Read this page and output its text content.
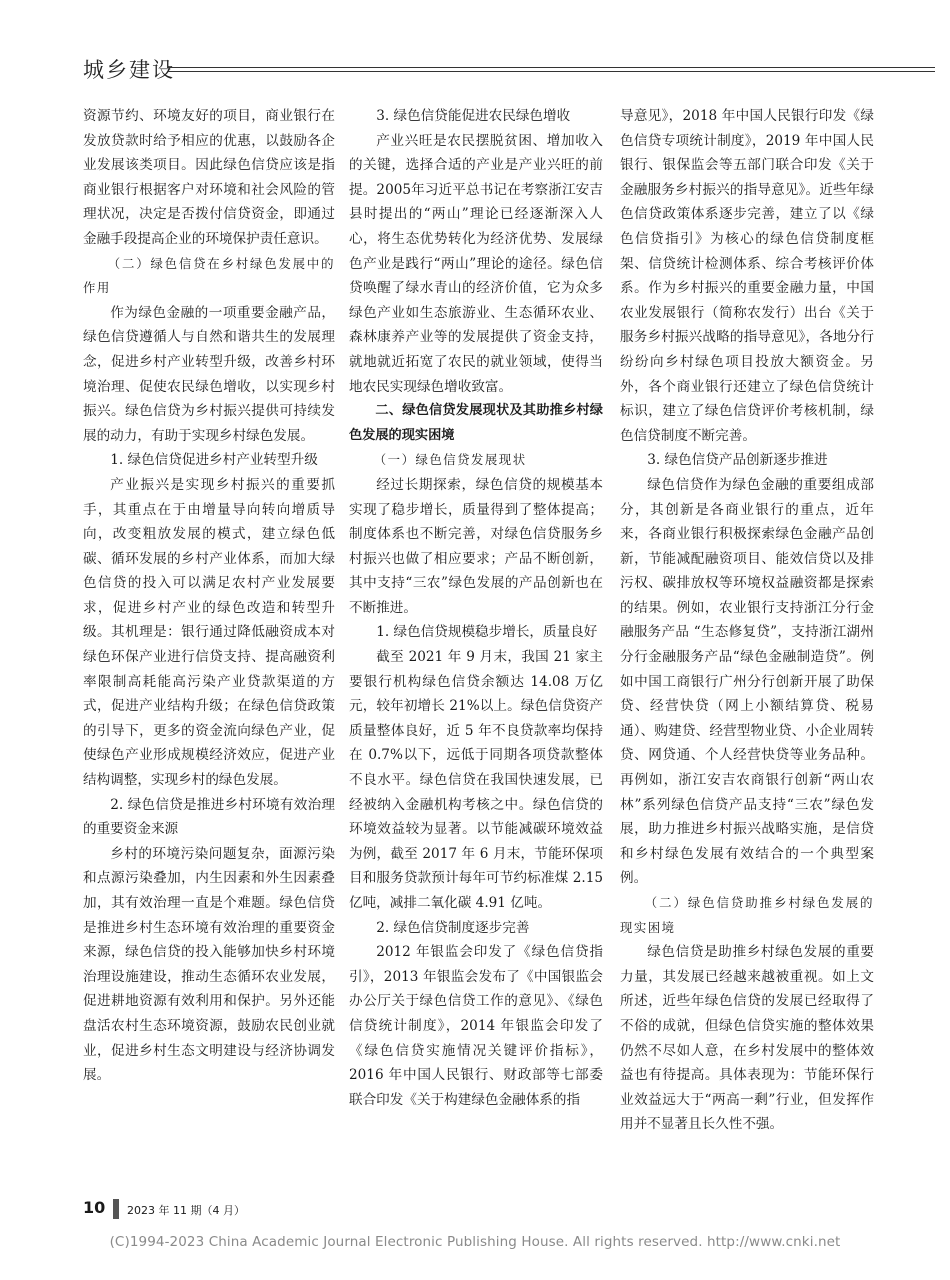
城乡建设

资源节约、环境友好的项目，商业银行在发放贷款时给予相应的优惠，以鼓励各企业发展该类项目。因此绿色信贷应该是指商业银行根据客户对环境和社会风险的管理状况，决定是否拨付信贷资金，即通过金融手段提高企业的环境保护责任意识。

（二）绿色信贷在乡村绿色发展中的作用

作为绿色金融的一项重要金融产品，绿色信贷遵循人与自然和谐共生的发展理念，促进乡村产业转型升级，改善乡村环境治理、促使农民绿色增收，以实现乡村振兴。绿色信贷为乡村振兴提供可持续发展的动力，有助于实现乡村绿色发展。

1. 绿色信贷促进乡村产业转型升级

产业振兴是实现乡村振兴的重要抓手，其重点在于由增量导向转向增质导向，改变粗放发展的模式，建立绿色低碳、循环发展的乡村产业体系，而加大绿色信贷的投入可以满足农村产业发展要求，促进乡村产业的绿色改造和转型升级。其机理是：银行通过降低融资成本对绿色环保产业进行信贷支持、提高融资利率限制高耗能高污染产业贷款渠道的方式，促进产业结构升级；在绿色信贷政策的引导下，更多的资金流向绿色产业，促使绿色产业形成规模经济效应，促进产业结构调整，实现乡村的绿色发展。

2. 绿色信贷是推进乡村环境有效治理的重要资金来源

乡村的环境污染问题复杂，面源污染和点源污染叠加，内生因素和外生因素叠加，其有效治理一直是个难题。绿色信贷是推进乡村生态环境有效治理的重要资金来源，绿色信贷的投入能够加快乡村环境治理设施建设，推动生态循环农业发展，促进耕地资源有效利用和保护。另外还能盘活农村生态环境资源，鼓励农民创业就业，促进乡村生态文明建设与经济协调发展。

3. 绿色信贷能促进农民绿色增收

产业兴旺是农民摆脱贫困、增加收入的关键，选择合适的产业是产业兴旺的前提。2005年习近平总书记在考察浙江安吉县时提出的“两山”理论已经逐渐深入人心，将生态优势转化为经济优势、发展绿色产业是践行“两山”理论的途径。绿色信贷唤醒了绿水青山的经济价值，它为众多绿色产业如生态旅游业、生态循环农业、森林康养产业等的发展提供了资金支持，就地就近拓宽了农民的就业领域，使得当地农民实现绿色增收致富。

二、绿色信贷发展现状及其助推乡村绿色发展的现实困境

（一）绿色信贷发展现状

经过长期探索，绿色信贷的规模基本实现了稳步增长，质量得到了整体提高；制度体系也不断完善，对绿色信贷服务乡村振兴也做了相应要求；产品不断创新，其中支持“三农”绿色发展的产品创新也在不断推进。

1. 绿色信贷规模稳步增长，质量良好

截至 2021 年 9 月末，我国 21 家主要银行机构绿色信贷余额达 14.08 万亿元，较年初增长 21%以上。绿色信贷资产质量整体良好，近 5 年不良贷款率均保持在 0.7%以下，远低于同期各项贷款整体不良水平。绿色信贷在我国快速发展，已经被纳入金融机构考核之中。绿色信贷的环境效益较为显著。以节能减碳环境效益为例，截至 2017 年 6 月末，节能环保项目和服务贷款预计每年可节约标准煤 2.15 亿吨，减排二氧化碳 4.91 亿吨。

2. 绿色信贷制度逐步完善

2012 年银监会印发了《绿色信贷指引》，2013 年银监会发布了《中国银监会办公厅关于绿色信贷工作的意见》、《绿色信贷统计制度》，2014 年银监会印发了《绿色信贷实施情况关键评价指标》，2016 年中国人民银行、财政部等七部委联合印发《关于构建绿色金融体系的指

导意见》，2018 年中国人民银行印发《绿色信贷专项统计制度》，2019 年中国人民银行、银保监会等五部门联合印发《关于金融服务乡村振兴的指导意见》。近些年绿色信贷政策体系逐步完善，建立了以《绿色信贷指引》为核心的绿色信贷制度框架、信贷统计检测体系、综合考核评价体系。作为乡村振兴的重要金融力量，中国农业发展银行（简称农发行）出台《关于服务乡村振兴战略的指导意见》，各地分行纷纷向乡村绿色项目投放大额资金。另外，各个商业银行还建立了绿色信贷统计标识，建立了绿色信贷评价考核机制，绿色信贷制度不断完善。

3. 绿色信贷产品创新逐步推进

绿色信贷作为绿色金融的重要组成部分，其创新是各商业银行的重点，近年来，各商业银行积极探索绿色金融产品创新，节能减配融资项目、能效信贷以及排污权、碳排放权等环境权益融资都是探索的结果。例如，农业银行支持浙江分行金融服务产品 “生态修复贷”，支持浙江湖州分行金融服务产品“绿色金融制造贷”。例如中国工商银行广州分行创新开展了助保贷、经营快贷（网上小额结算贷、税易通）、购建贷、经营型物业贷、小企业周转贷、网贷通、个人经营快贷等业务品种。再例如，浙江安吉农商银行创新“两山农林”系列绿色信贷产品支持“三农”绿色发展，助力推进乡村振兴战略实施，是信贷和乡村绿色发展有效结合的一个典型案例。

（二）绿色信贷助推乡村绿色发展的现实困境

绿色信贷是助推乡村绿色发展的重要力量，其发展已经越来越被重视。如上文所述，近些年绿色信贷的发展已经取得了不俗的成就，但绿色信贷实施的整体效果仍然不尽如人意，在乡村发展中的整体效益也有待提高。具体表现为：节能环保行业效益远大于“两高一剩”行业，但发挥作用并不显著且长久性不强。

10 2023 年 11 期（4 月）
(C)1994-2023 China Academic Journal Electronic Publishing House. All rights reserved. http://www.cnki.net
